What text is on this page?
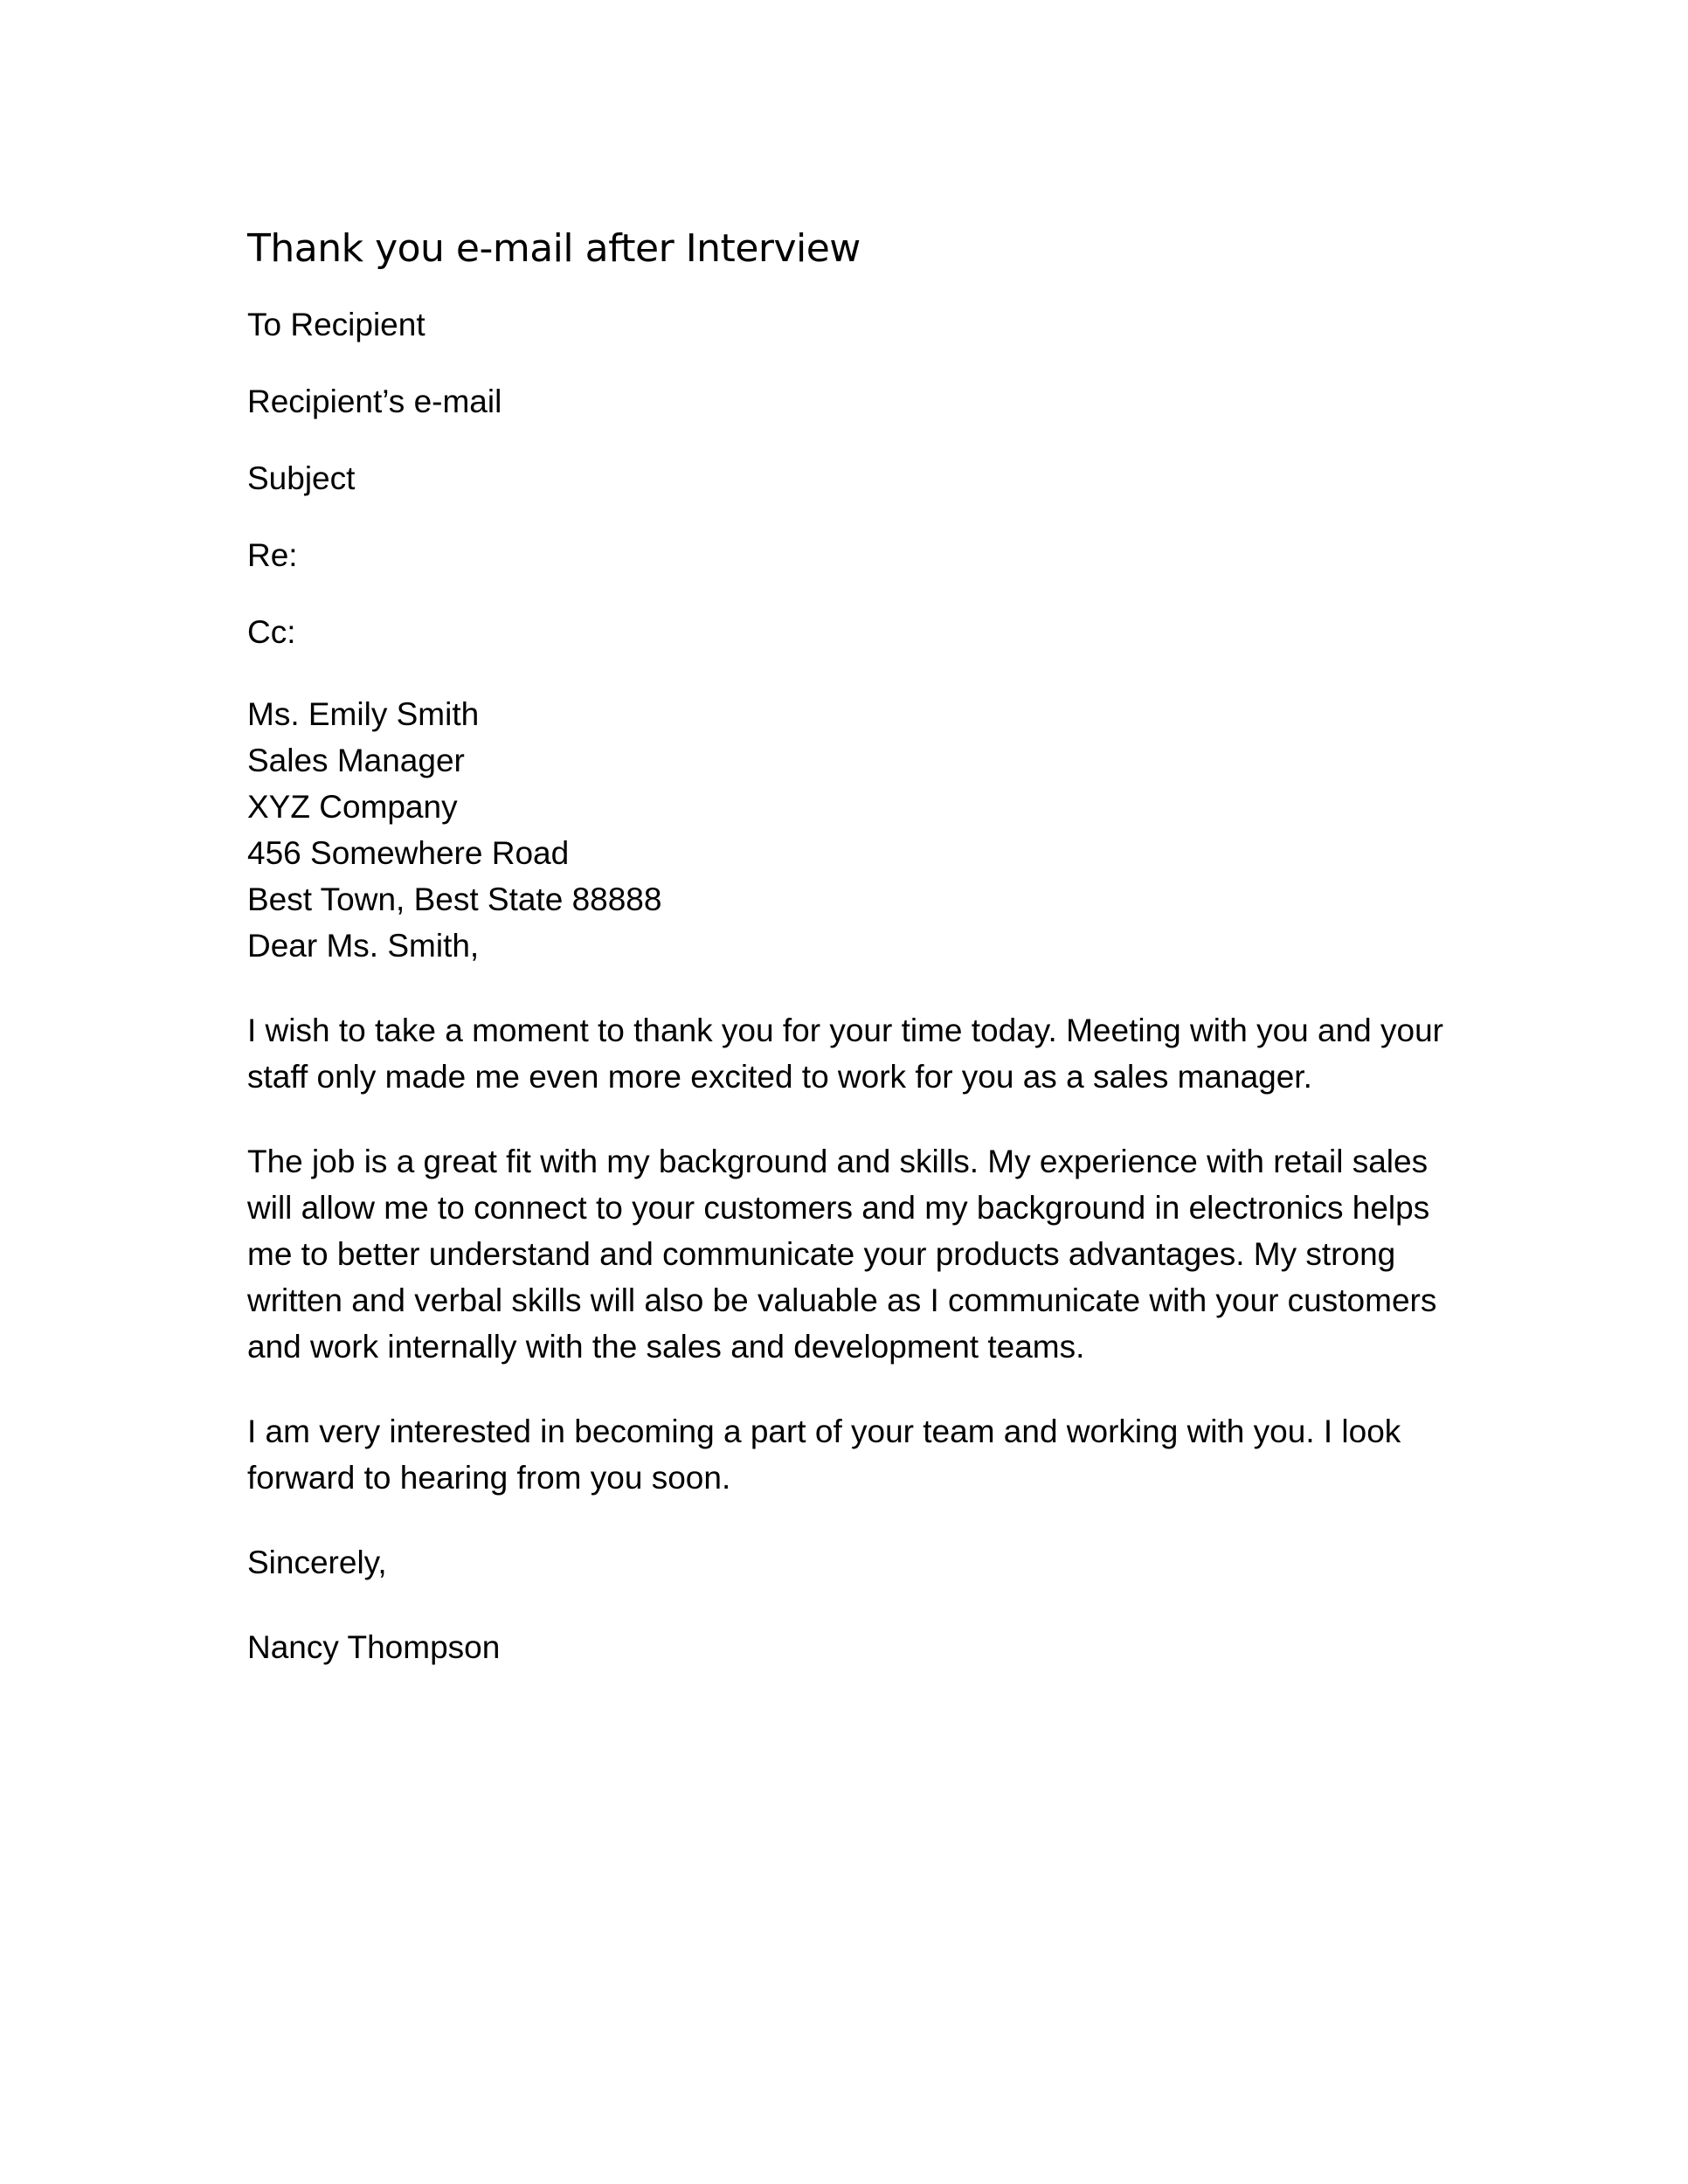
Thank you e-mail after Interview

To Recipient

Recipient’s e-mail

Subject

Re:

Cc:

Ms. Emily Smith
Sales Manager
XYZ Company
456 Somewhere Road
Best Town, Best State 88888

Dear Ms. Smith,

I wish to take a moment to thank you for your time today. Meeting with you and your staff only made me even more excited to work for you as a sales manager.

The job is a great fit with my background and skills. My experience with retail sales will allow me to connect to your customers and my background in electronics helps me to better understand and communicate your products advantages. My strong written and verbal skills will also be valuable as I communicate with your customers and work internally with the sales and development teams.

I am very interested in becoming a part of your team and working with you. I look forward to hearing from you soon.

Sincerely,

Nancy Thompson
